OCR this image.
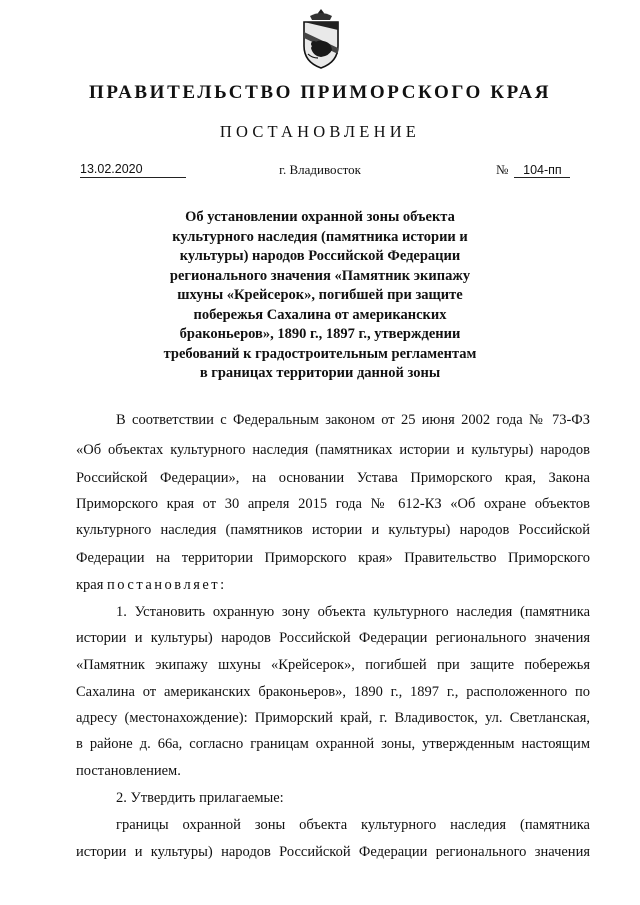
ПРАВИТЕЛЬСТВО ПРИМОРСКОГО КРАЯ
ПОСТАНОВЛЕНИЕ
13.02.2020	г. Владивосток	№ 104-пп
Об установлении охранной зоны объекта
культурного наследия (памятника истории и
культуры) народов Российской Федерации
регионального значения «Памятник экипажу
шхуны «Крейсерок», погибшей при защите
побережья Сахалина от американских
браконьеров», 1890 г., 1897 г., утверждении
требований к градостроительным регламентам
в границах территории данной зоны
В соответствии с Федеральным законом от 25 июня 2002 года № 73-ФЗ
«Об объектах культурного наследия (памятниках истории и культуры) народов
Российской Федерации», на основании Устава Приморского края, Закона
Приморского края от 30 апреля 2015 года № 612-КЗ «Об охране объектов
культурного наследия (памятников истории и культуры) народов Российской
Федерации на территории Приморского края» Правительство Приморского
края постановляет:
1. Установить охранную зону объекта культурного наследия (памятника
истории и культуры) народов Российской Федерации регионального значения
«Памятник экипажу шхуны «Крейсерок», погибшей при защите побережья
Сахалина от американских браконьеров», 1890 г., 1897 г., расположенного по
адресу (местонахождение): Приморский край, г. Владивосток, ул. Светланская,
в районе д. 66а, согласно границам охранной зоны, утвержденным настоящим
постановлением.
2. Утвердить прилагаемые:
границы охранной зоны объекта культурного наследия (памятника
истории и культуры) народов Российской Федерации регионального значения
